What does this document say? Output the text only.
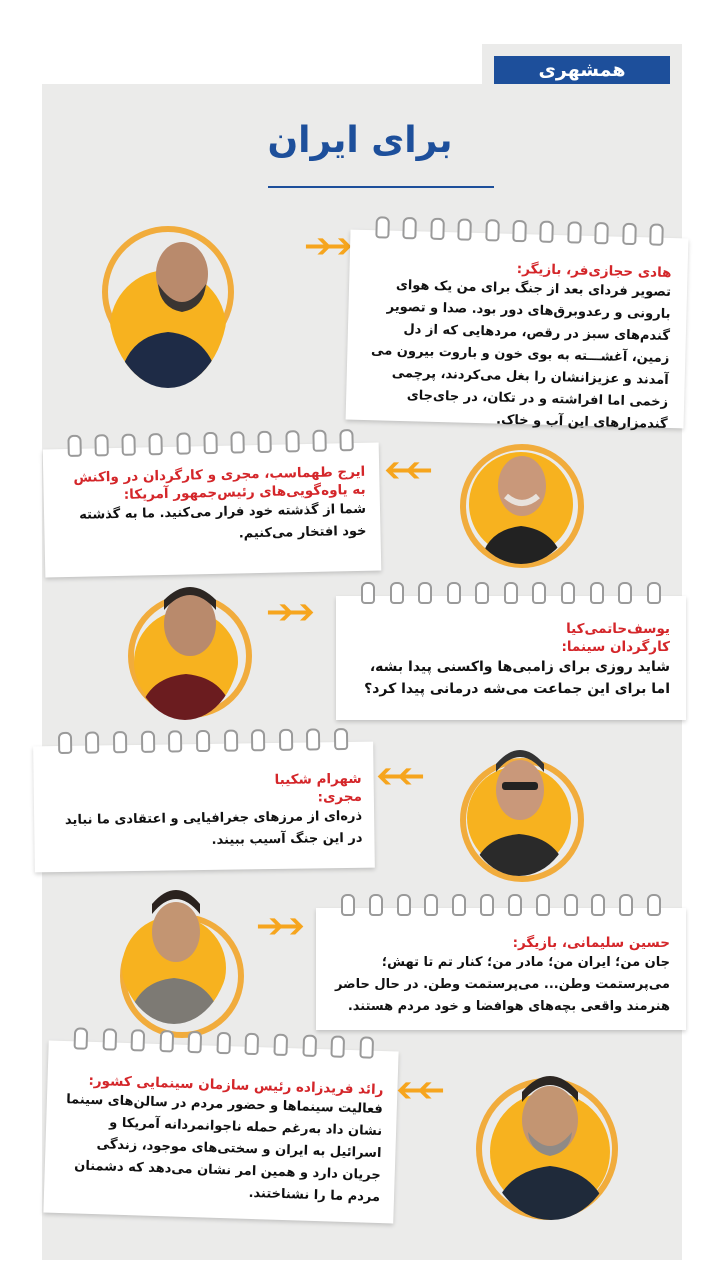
همشهری
برای ایران
➔➔
هادی حجازی‌فر، بازیگر:
تصویر فردای بعد از جنگ برای من یک هوای بارونی و رعدوبرق‌های دور بود. صدا و تصویر گندم‌های سبز در رقص، مردهایی که از دل زمین، آغشـــته به بوی خون و باروت بیرون می آمدند و عزیزانشان را بغل می‌کردند، پرچمی زخمی اما افراشته و در تکان، در جای‌جای گندمزارهای این آب و خاک.
ایرج طهماسب، مجری و کارگردان در واکنش به یاوه‌گویی‌های رئیس‌جمهور آمریکا:
شما از گذشته خود فرار می‌کنید. ما به گذشته خود افتخار می‌کنیم.
➔➔
➔➔	یوسف‌حاتمی‌کیا کارگردان سینما:
شاید روزی برای زامبی‌ها واکسنی پیدا بشه، اما برای این جماعت می‌شه درمانی پیدا کرد؟
شهرام شکیبا مجری:
ذره‌ای از مرزهای جغرافیایی و اعتقادی ما نباید در این جنگ آسیب ببیند.
➔➔
➔➔	حسین سلیمانی، بازیگر:
جان من؛ ایران من؛ مادر من؛ کنار تم تا تهش؛ می‌پرستمت وطن... می‌پرستمت وطن. در حال حاضر هنرمند واقعی بچه‌های هوافضا و خود مردم هستند.
رائد فریدزاده رئیس سازمان سینمایی کشور:
فعالیت سینماها و حضور مردم در سالن‌های سینما نشان داد به‌رغم حمله ناجوانمردانه آمریکا و اسرائیل به ایران و سختی‌های موجود، زندگی جریان دارد و همین امر نشان می‌دهد که دشمنان مردم ما را نشناختند.
➔➔
